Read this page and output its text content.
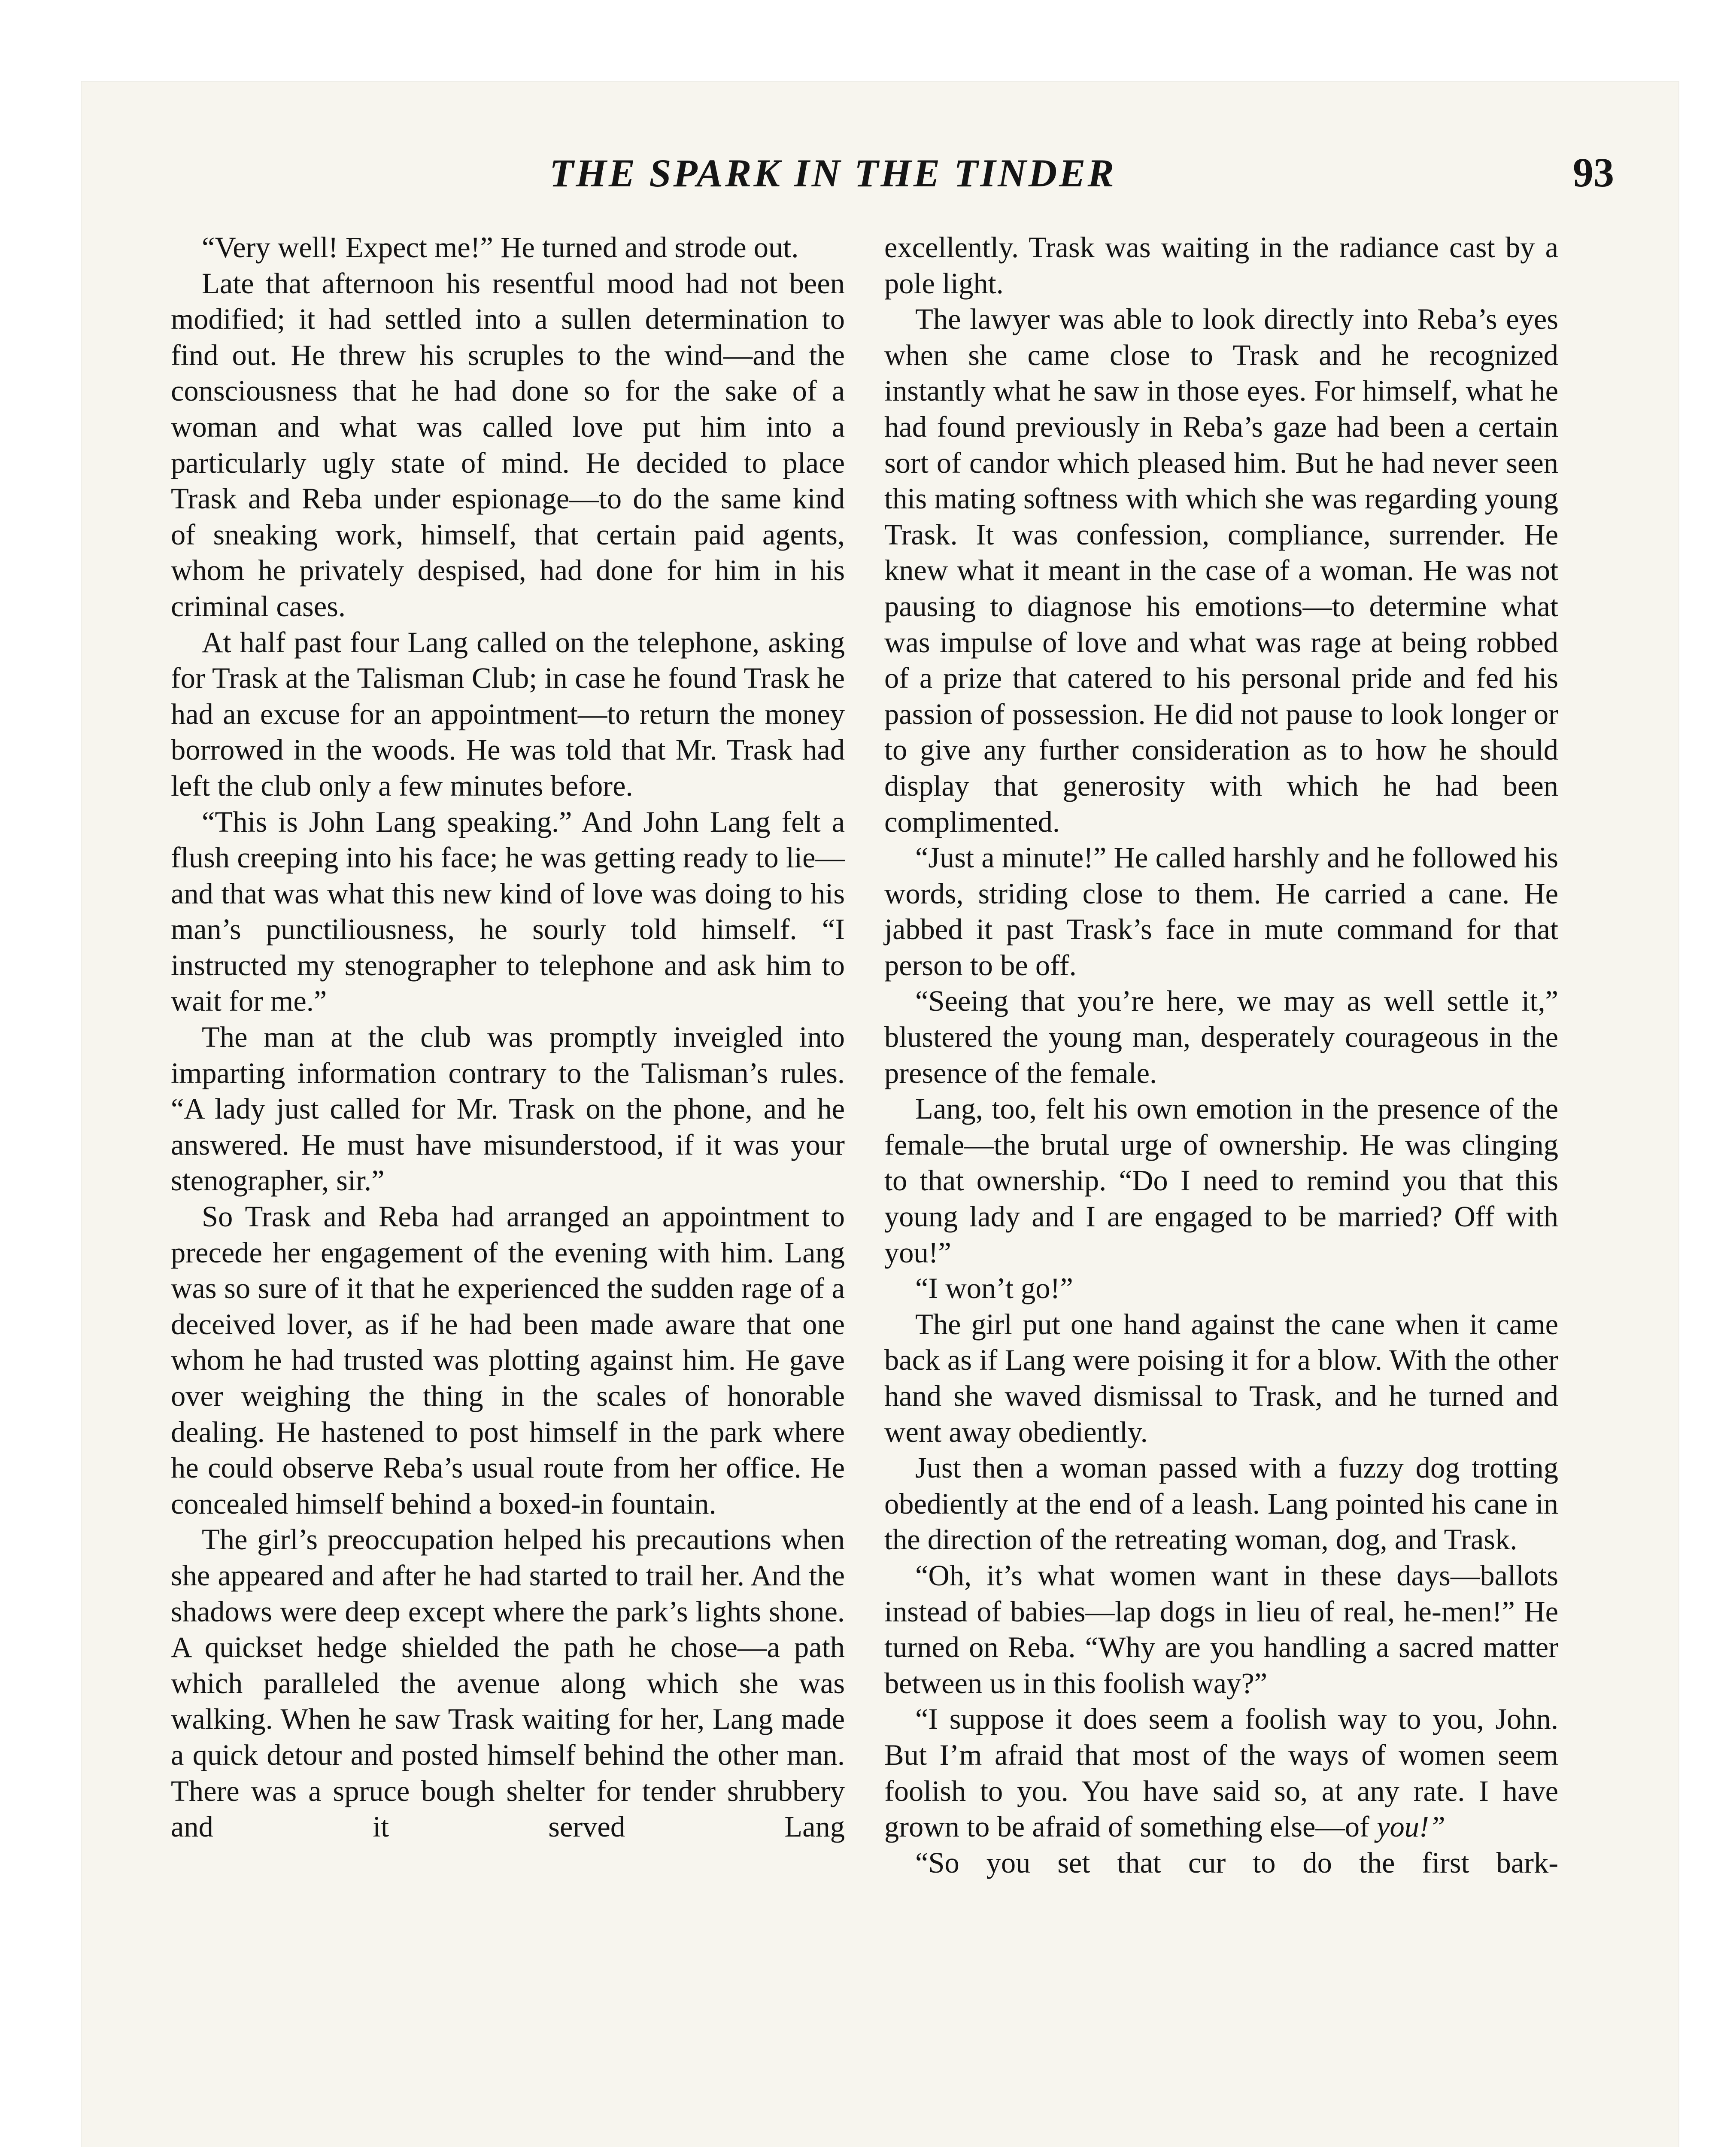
THE SPARK IN THE TINDER	93

“Very well! Expect me!” He turned and strode out.

Late that afternoon his resentful mood had not been modified; it had settled into a sullen determination to find out. He threw his scruples to the wind—and the consciousness that he had done so for the sake of a woman and what was called love put him into a particularly ugly state of mind. He decided to place Trask and Reba under espionage—to do the same kind of sneaking work, himself, that certain paid agents, whom he privately despised, had done for him in his criminal cases.

At half past four Lang called on the telephone, asking for Trask at the Talisman Club; in case he found Trask he had an excuse for an appointment—to return the money borrowed in the woods. He was told that Mr. Trask had left the club only a few minutes before.

“This is John Lang speaking.” And John Lang felt a flush creeping into his face; he was getting ready to lie—and that was what this new kind of love was doing to his man’s punctiliousness, he sourly told himself. “I instructed my stenographer to telephone and ask him to wait for me.”

The man at the club was promptly inveigled into imparting information contrary to the Talisman’s rules. “A lady just called for Mr. Trask on the phone, and he answered. He must have misunderstood, if it was your stenographer, sir.”

So Trask and Reba had arranged an appointment to precede her engagement of the evening with him. Lang was so sure of it that he experienced the sudden rage of a deceived lover, as if he had been made aware that one whom he had trusted was plotting against him. He gave over weighing the thing in the scales of honorable dealing. He hastened to post himself in the park where he could observe Reba’s usual route from her office. He concealed himself behind a boxed-in fountain.

The girl’s preoccupation helped his precautions when she appeared and after he had started to trail her. And the shadows were deep except where the park’s lights shone. A quickset hedge shielded the path he chose—a path which paralleled the avenue along which she was walking. When he saw Trask waiting for her, Lang made a quick detour and posted himself behind the other man. There was a spruce bough shelter for tender shrubbery and it served Lang

excellently. Trask was waiting in the radiance cast by a pole light.

The lawyer was able to look directly into Reba’s eyes when she came close to Trask and he recognized instantly what he saw in those eyes. For himself, what he had found previously in Reba’s gaze had been a certain sort of candor which pleased him. But he had never seen this mating softness with which she was regarding young Trask. It was confession, compliance, surrender. He knew what it meant in the case of a woman. He was not pausing to diagnose his emotions—to determine what was impulse of love and what was rage at being robbed of a prize that catered to his personal pride and fed his passion of possession. He did not pause to look longer or to give any further consideration as to how he should display that generosity with which he had been complimented.

“Just a minute!” He called harshly and he followed his words, striding close to them. He carried a cane. He jabbed it past Trask’s face in mute command for that person to be off.

“Seeing that you’re here, we may as well settle it,” blustered the young man, desperately courageous in the presence of the female.

Lang, too, felt his own emotion in the presence of the female—the brutal urge of ownership. He was clinging to that ownership. “Do I need to remind you that this young lady and I are engaged to be married? Off with you!”

“I won’t go!”

The girl put one hand against the cane when it came back as if Lang were poising it for a blow. With the other hand she waved dismissal to Trask, and he turned and went away obediently.

Just then a woman passed with a fuzzy dog trotting obediently at the end of a leash. Lang pointed his cane in the direction of the retreating woman, dog, and Trask.

“Oh, it’s what women want in these days—ballots instead of babies—lap dogs in lieu of real, he-men!” He turned on Reba. “Why are you handling a sacred matter between us in this foolish way?”

“I suppose it does seem a foolish way to you, John. But I’m afraid that most of the ways of women seem foolish to you. You have said so, at any rate. I have grown to be afraid of something else—of you!”

“So you set that cur to do the first bark-
